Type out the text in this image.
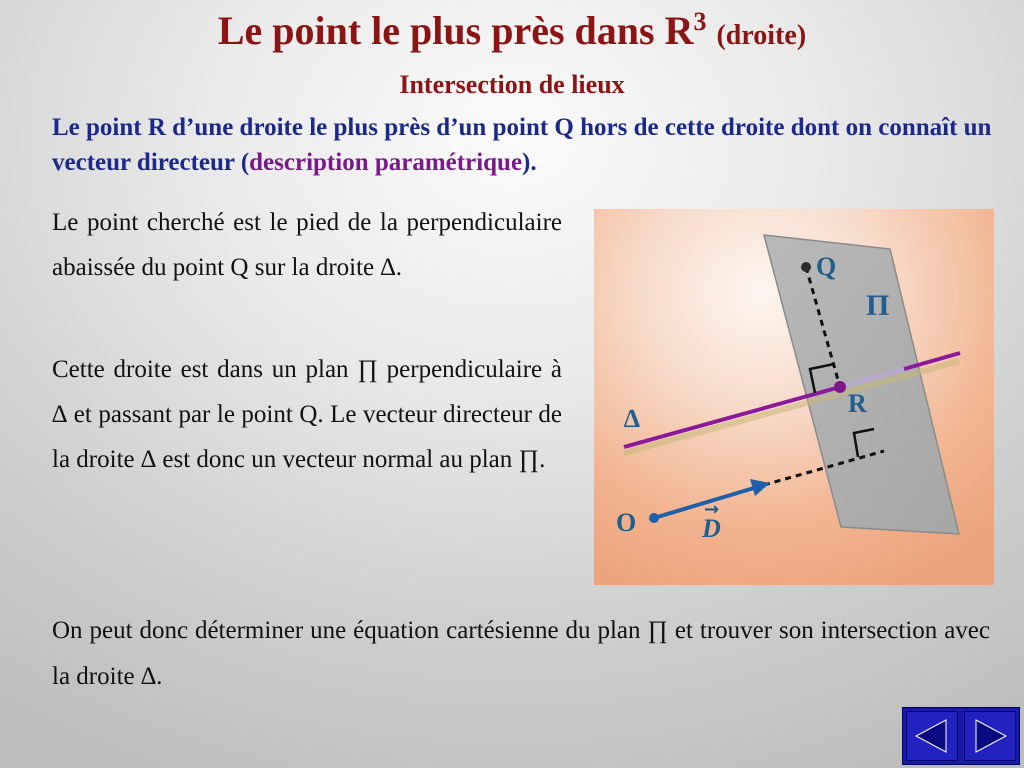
Le point le plus près dans $R^3$ (droite)
Intersection de lieux
Le point R d’une droite le plus près d’un point Q hors de cette droite dont on connaît un vecteur directeur (description paramétrique).
Le point cherché est le pied de la perpendiculaire abaissée du point Q sur la droite ∆.
Cette droite est dans un plan ∏ perpendiculaire à ∆ et passant par le point Q. Le vecteur directeur de la droite ∆ est donc un vecteur normal au plan ∏.
Q
Π
R
∆
O	D
→
On peut donc déterminer une équation cartésienne du plan ∏ et trouver son intersection avec la droite ∆.
